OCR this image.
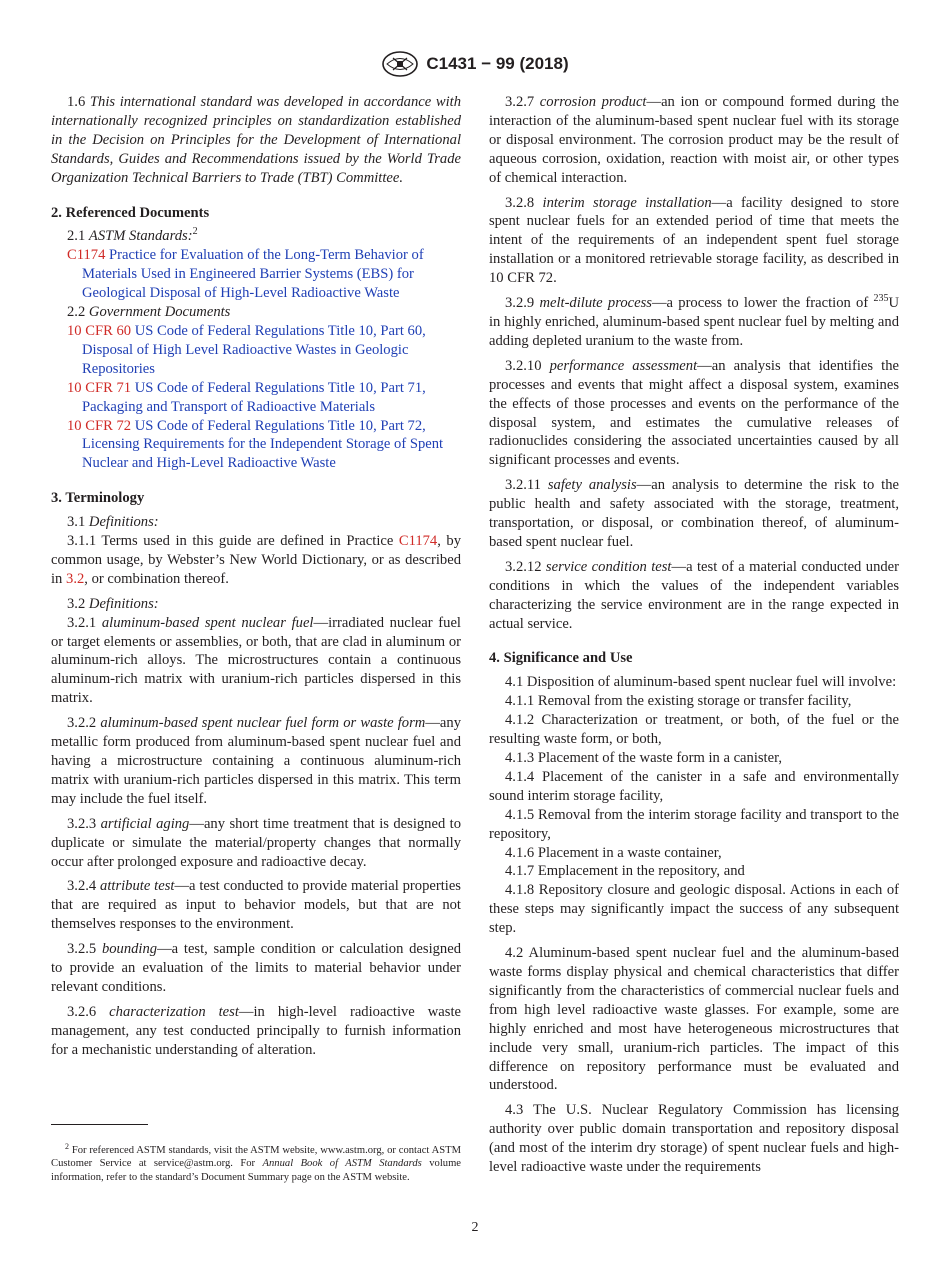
C1431 − 99 (2018)

1.6 This international standard was developed in accordance with internationally recognized principles on standardization established in the Decision on Principles for the Development of International Standards, Guides and Recommendations issued by the World Trade Organization Technical Barriers to Trade (TBT) Committee.

2. Referenced Documents

2.1 ASTM Standards:$^2$

C1174 Practice for Evaluation of the Long-Term Behavior of Materials Used in Engineered Barrier Systems (EBS) for Geological Disposal of High-Level Radioactive Waste

2.2 Government Documents

10 CFR 60 US Code of Federal Regulations Title 10, Part 60, Disposal of High Level Radioactive Wastes in Geologic Repositories

10 CFR 71 US Code of Federal Regulations Title 10, Part 71, Packaging and Transport of Radioactive Materials

10 CFR 72 US Code of Federal Regulations Title 10, Part 72, Licensing Requirements for the Independent Storage of Spent Nuclear and High-Level Radioactive Waste

3. Terminology

3.1 Definitions:

3.1.1 Terms used in this guide are defined in Practice C1174, by common usage, by Webster’s New World Dictionary, or as described in 3.2, or combination thereof.

3.2 Definitions:

3.2.1 aluminum-based spent nuclear fuel—irradiated nuclear fuel or target elements or assemblies, or both, that are clad in aluminum or aluminum-rich alloys. The microstructures contain a continuous aluminum-rich matrix with uranium-rich particles dispersed in this matrix.

3.2.2 aluminum-based spent nuclear fuel form or waste form—any metallic form produced from aluminum-based spent nuclear fuel and having a microstructure containing a continuous aluminum-rich matrix with uranium-rich particles dispersed in this matrix. This term may include the fuel itself.

3.2.3 artificial aging—any short time treatment that is designed to duplicate or simulate the material/property changes that normally occur after prolonged exposure and radioactive decay.

3.2.4 attribute test—a test conducted to provide material properties that are required as input to behavior models, but that are not themselves responses to the environment.

3.2.5 bounding—a test, sample condition or calculation designed to provide an evaluation of the limits to material behavior under relevant conditions.

3.2.6 characterization test—in high-level radioactive waste management, any test conducted principally to furnish information for a mechanistic understanding of alteration.

3.2.7 corrosion product—an ion or compound formed during the interaction of the aluminum-based spent nuclear fuel with its storage or disposal environment. The corrosion product may be the result of aqueous corrosion, oxidation, reaction with moist air, or other types of chemical interaction.

3.2.8 interim storage installation—a facility designed to store spent nuclear fuels for an extended period of time that meets the intent of the requirements of an independent spent fuel storage installation or a monitored retrievable storage facility, as described in 10 CFR 72.

3.2.9 melt-dilute process—a process to lower the fraction of $^{235}$U in highly enriched, aluminum-based spent nuclear fuel by melting and adding depleted uranium to the waste from.

3.2.10 performance assessment—an analysis that identifies the processes and events that might affect a disposal system, examines the effects of those processes and events on the performance of the disposal system, and estimates the cumulative releases of radionuclides considering the associated uncertainties caused by all significant processes and events.

3.2.11 safety analysis—an analysis to determine the risk to the public health and safety associated with the storage, treatment, transportation, or disposal, or combination thereof, of aluminum-based spent nuclear fuel.

3.2.12 service condition test—a test of a material conducted under conditions in which the values of the independent variables characterizing the service environment are in the range expected in actual service.

4. Significance and Use

4.1 Disposition of aluminum-based spent nuclear fuel will involve:

4.1.1 Removal from the existing storage or transfer facility,

4.1.2 Characterization or treatment, or both, of the fuel or the resulting waste form, or both,

4.1.3 Placement of the waste form in a canister,

4.1.4 Placement of the canister in a safe and environmentally sound interim storage facility,

4.1.5 Removal from the interim storage facility and transport to the repository,

4.1.6 Placement in a waste container,

4.1.7 Emplacement in the repository, and

4.1.8 Repository closure and geologic disposal. Actions in each of these steps may significantly impact the success of any subsequent step.

4.2 Aluminum-based spent nuclear fuel and the aluminum-based waste forms display physical and chemical characteristics that differ significantly from the characteristics of commercial nuclear fuels and from high level radioactive waste glasses. For example, some are highly enriched and most have heterogeneous microstructures that include very small, uranium-rich particles. The impact of this difference on repository performance must be evaluated and understood.

4.3 The U.S. Nuclear Regulatory Commission has licensing authority over public domain transportation and repository disposal (and most of the interim dry storage) of spent nuclear fuels and high-level radioactive waste under the requirements

$^2$ For referenced ASTM standards, visit the ASTM website, www.astm.org, or contact ASTM Customer Service at service@astm.org. For Annual Book of ASTM Standards volume information, refer to the standard’s Document Summary page on the ASTM website.

2
